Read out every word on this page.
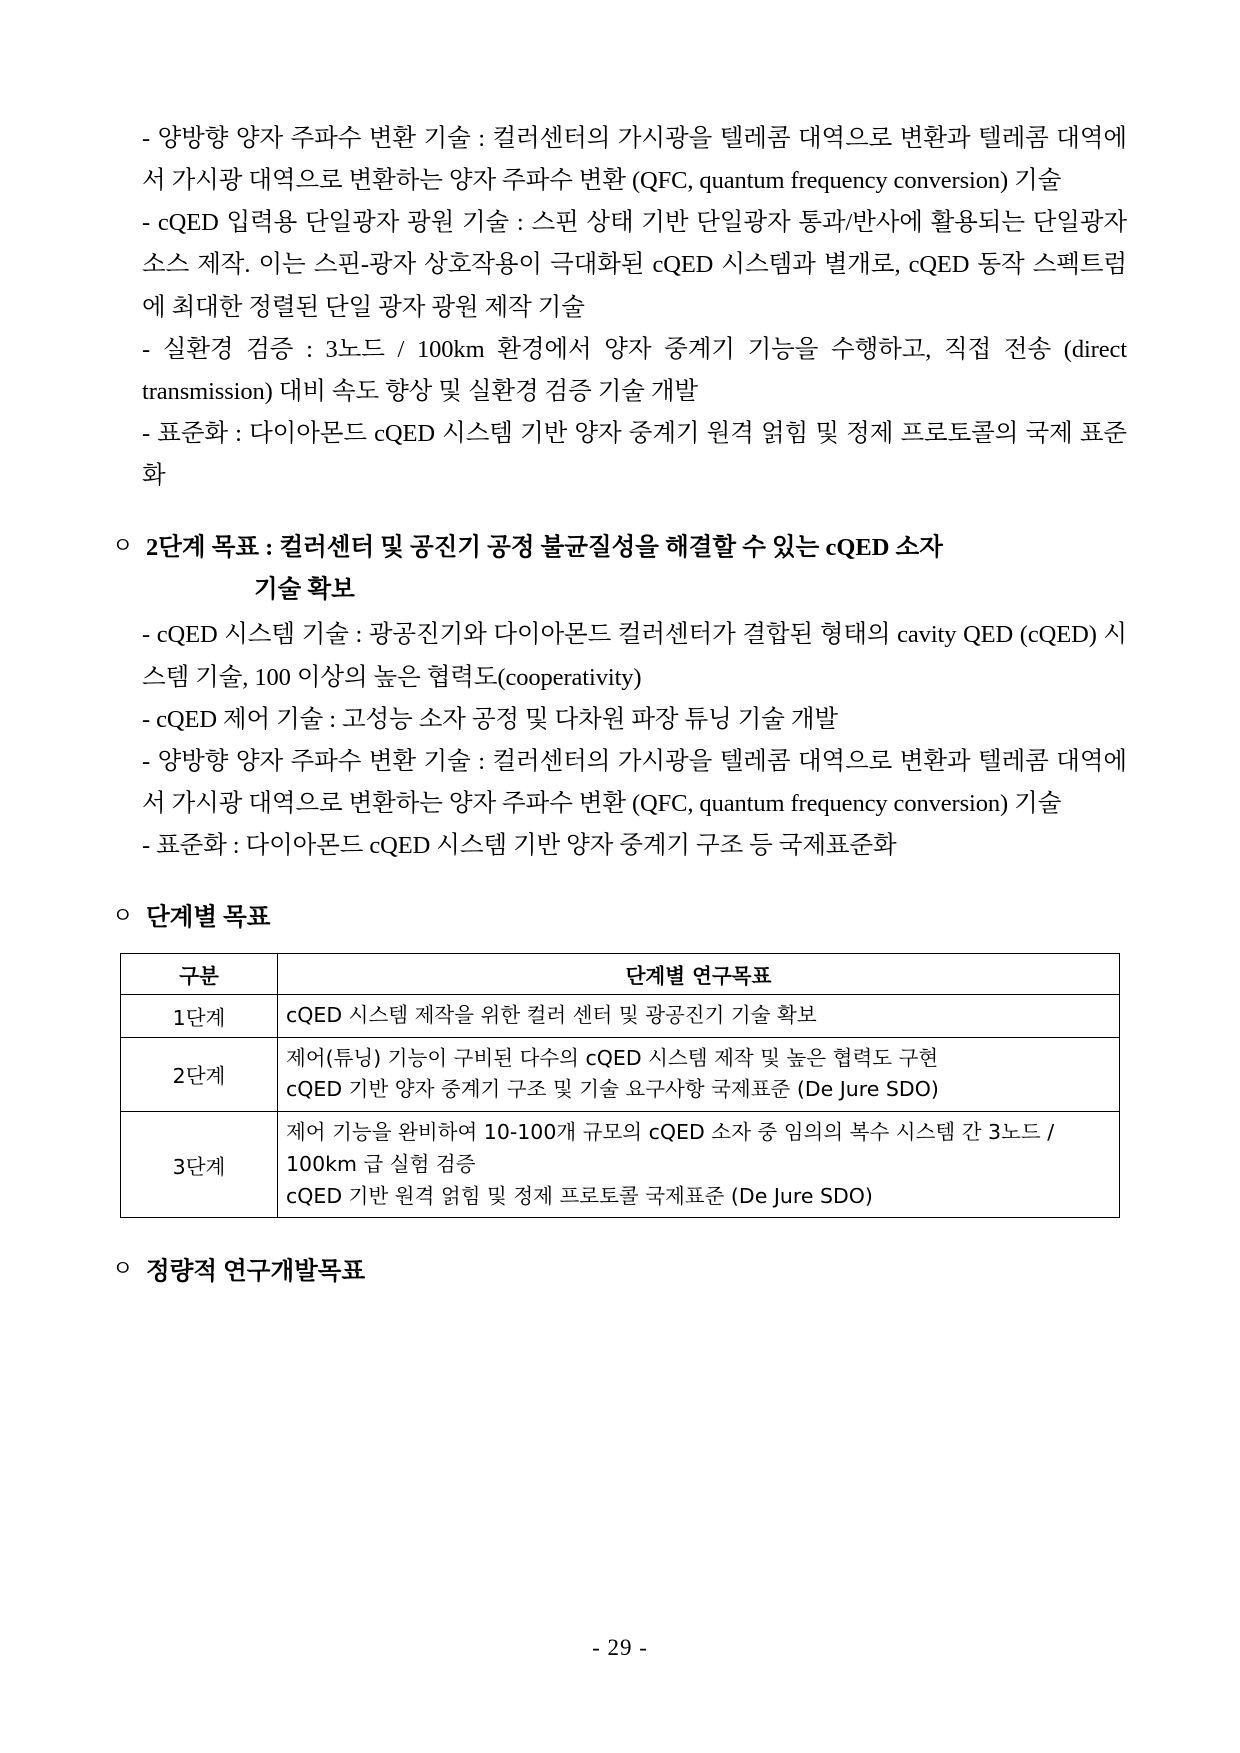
- 양방향 양자 주파수 변환 기술 : 컬러센터의 가시광을 텔레콤 대역으로 변환과 텔레콤 대역에서 가시광 대역으로 변환하는 양자 주파수 변환 (QFC, quantum frequency conversion) 기술
- cQED 입력용 단일광자 광원 기술 : 스핀 상태 기반 단일광자 통과/반사에 활용되는 단일광자 소스 제작. 이는 스핀-광자 상호작용이 극대화된 cQED 시스템과 별개로, cQED 동작 스펙트럼에 최대한 정렬된 단일 광자 광원 제작 기술
- 실환경 검증 : 3노드 / 100km 환경에서 양자 중계기 기능을 수행하고, 직접 전송 (direct transmission) 대비 속도 향상 및 실환경 검증 기술 개발
- 표준화 : 다이아몬드 cQED 시스템 기반 양자 중계기 원격 얽힘 및 정제 프로토콜의 국제 표준화
ㅇ 2단계 목표 : 컬러센터 및 공진기 공정 불균질성을 해결할 수 있는 cQED 소자
기술 확보
- cQED 시스템 기술 : 광공진기와 다이아몬드 컬러센터가 결합된 형태의 cavity QED (cQED) 시스템 기술, 100 이상의 높은 협력도(cooperativity)
- cQED 제어 기술 : 고성능 소자 공정 및 다차원 파장 튜닝 기술 개발
- 양방향 양자 주파수 변환 기술 : 컬러센터의 가시광을 텔레콤 대역으로 변환과 텔레콤 대역에서 가시광 대역으로 변환하는 양자 주파수 변환 (QFC, quantum frequency conversion) 기술
- 표준화 : 다이아몬드 cQED 시스템 기반 양자 중계기 구조 등 국제표준화
ㅇ 단계별 목표
구분	단계별 연구목표
1단계	cQED 시스템 제작을 위한 컬러 센터 및 광공진기 기술 확보

2단계	제어(튜닝) 기능이 구비된 다수의 cQED 시스템 제작 및 높은 협력도 구현
cQED 기반 양자 중계기 구조 및 기술 요구사항 국제표준 (De Jure SDO)

3단계	제어 기능을 완비하여 10-100개 규모의 cQED 소자 중 임의의 복수 시스템 간 3노드 / 100km 급 실험 검증
cQED 기반 원격 얽힘 및 정제 프로토콜 국제표준 (De Jure SDO)
ㅇ 정량적 연구개발목표
- 29 -
